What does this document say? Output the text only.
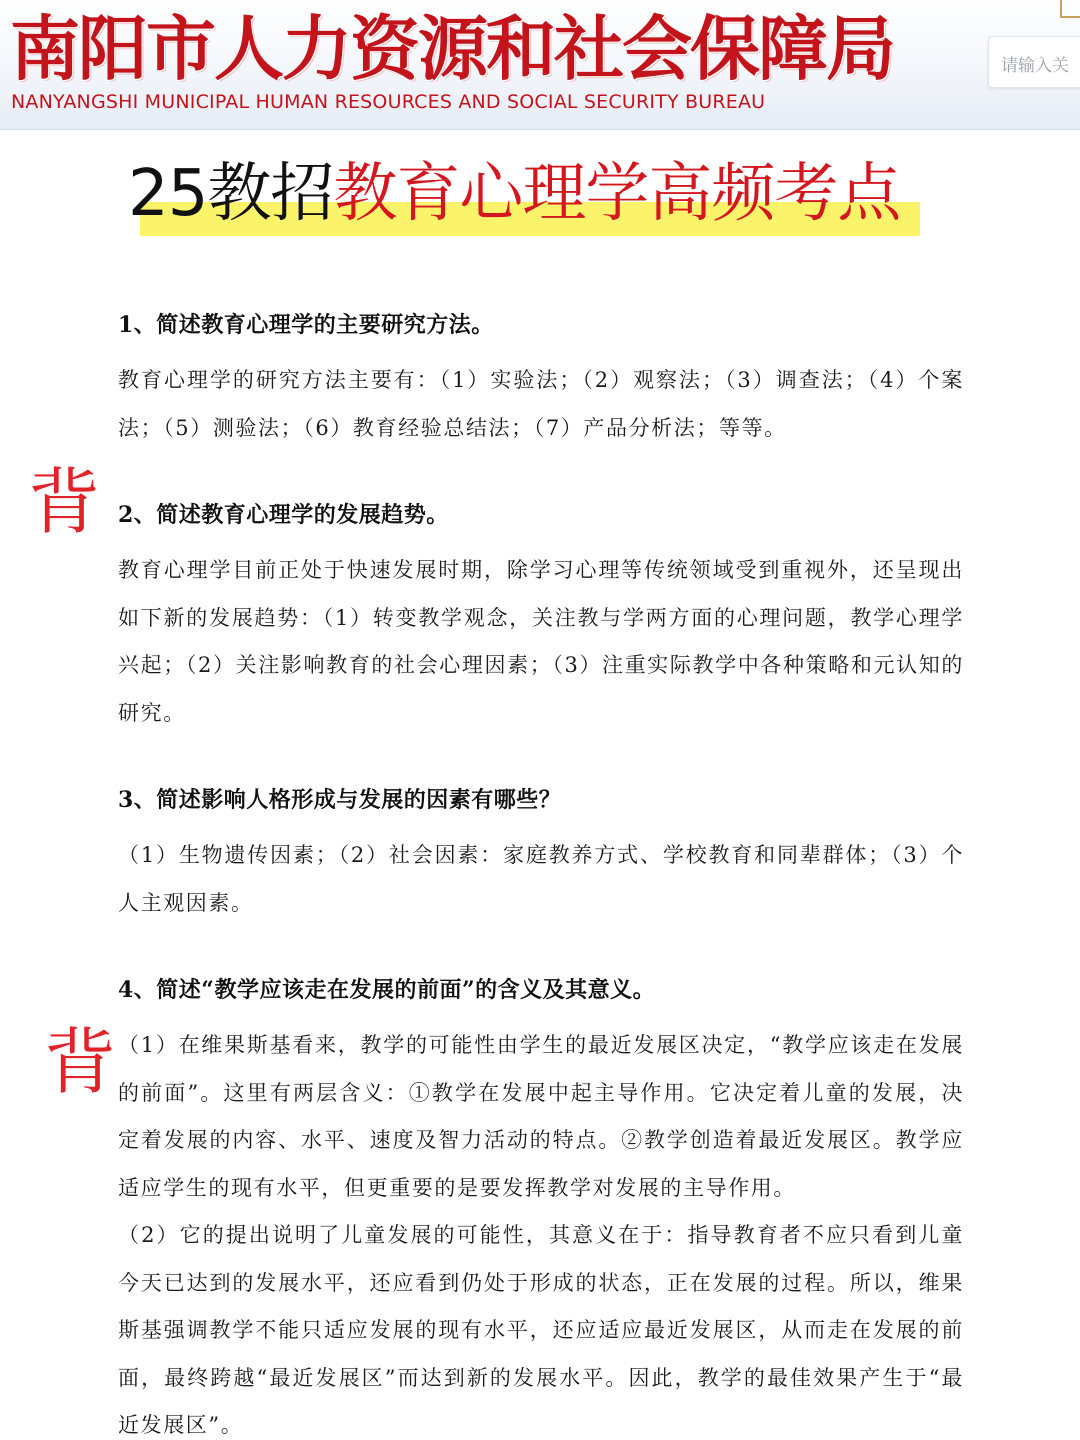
南阳市人力资源和社会保障局
NANYANGSHI MUNICIPAL HUMAN RESOURCES AND SOCIAL SECURITY BUREAU
请输入关
25教招教育心理学高频考点
背
背
1、简述教育心理学的主要研究方法。

教育心理学的研究方法主要有：（1）实验法；（2）观察法；（3）调查法；（4）个案法；（5）测验法；（6）教育经验总结法；（7）产品分析法；等等。

2、简述教育心理学的发展趋势。

教育心理学目前正处于快速发展时期，除学习心理等传统领域受到重视外，还呈现出如下新的发展趋势：（1）转变教学观念，关注教与学两方面的心理问题，教学心理学兴起；（2）关注影响教育的社会心理因素；（3）注重实际教学中各种策略和元认知的研究。

3、简述影响人格形成与发展的因素有哪些？

（1）生物遗传因素；（2）社会因素：家庭教养方式、学校教育和同辈群体；（3）个人主观因素。

4、简述“教学应该走在发展的前面”的含义及其意义。

（1）在维果斯基看来，教学的可能性由学生的最近发展区决定，“教学应该走在发展的前面”。这里有两层含义：①教学在发展中起主导作用。它决定着儿童的发展，决定着发展的内容、水平、速度及智力活动的特点。②教学创造着最近发展区。教学应适应学生的现有水平，但更重要的是要发挥教学对发展的主导作用。

（2）它的提出说明了儿童发展的可能性，其意义在于：指导教育者不应只看到儿童今天已达到的发展水平，还应看到仍处于形成的状态，正在发展的过程。所以，维果斯基强调教学不能只适应发展的现有水平，还应适应最近发展区，从而走在发展的前面，最终跨越“最近发展区”而达到新的发展水平。因此，教学的最佳效果产生于“最近发展区”。
